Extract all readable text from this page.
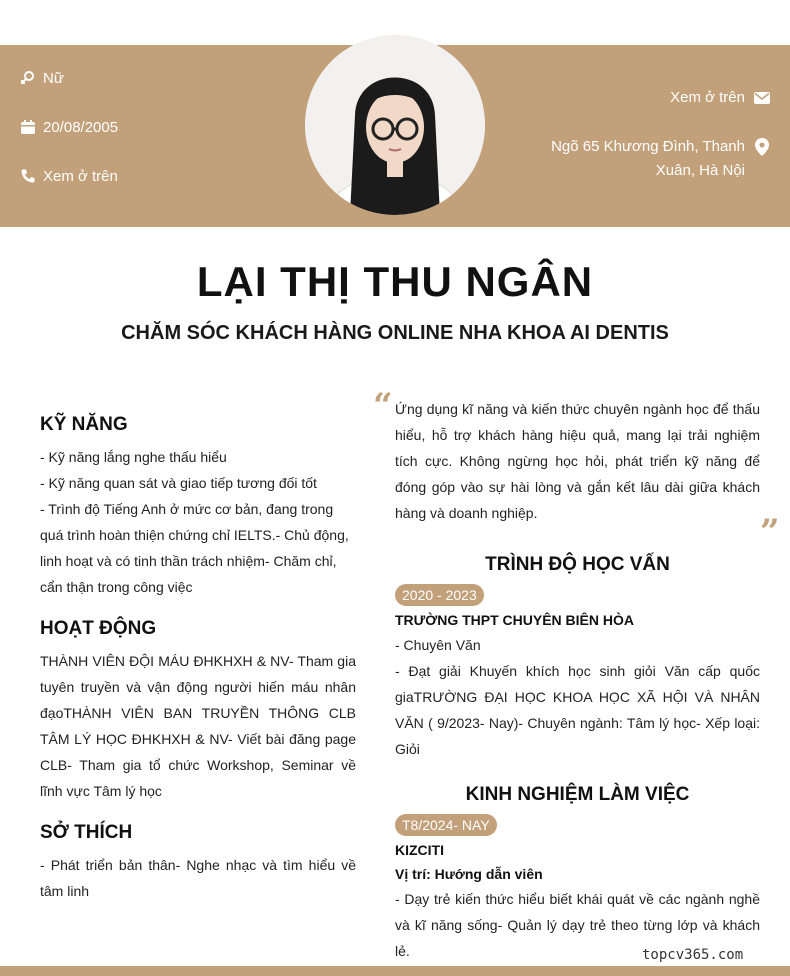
Nữ
20/08/2005
Xem ở trên
Xem ở trên
Ngõ 65 Khương Đình, Thanh
Xuân, Hà Nội
LẠI THỊ THU NGÂN
CHĂM SÓC KHÁCH HÀNG ONLINE NHA KHOA AI DENTIS
KỸ NĂNG
- Kỹ năng lắng nghe thấu hiểu
- Kỹ năng quan sát và giao tiếp tương đối tốt
- Trình độ Tiếng Anh ở mức cơ bản, đang trong quá trình hoàn thiện chứng chỉ IELTS.- Chủ động, linh hoạt và có tinh thần trách nhiệm- Chăm chỉ, cẩn thận trong công việc
HOẠT ĐỘNG
THÀNH VIÊN ĐỘI MÁU ĐHKHXH & NV- Tham gia tuyên truyền và vận động người hiến máu nhân đạoTHÀNH VIÊN BAN TRUYỀN THÔNG CLB TÂM LÝ HỌC ĐHKHXH & NV- Viết bài đăng page CLB- Tham gia tổ chức Workshop, Seminar về lĩnh vực Tâm lý học
SỞ THÍCH
- Phát triển bản thân- Nghe nhạc và tìm hiểu về tâm linh
“
”
Ứng dụng kĩ năng và kiến thức chuyên ngành học để thấu hiểu, hỗ trợ khách hàng hiệu quả, mang lại trải nghiệm tích cực. Không ngừng học hỏi, phát triển kỹ năng để đóng góp vào sự hài lòng và gắn kết lâu dài giữa khách hàng và doanh nghiệp.
TRÌNH ĐỘ HỌC VẤN
2020 - 2023
TRƯỜNG THPT CHUYÊN BIÊN HÒA
- Chuyên Văn
- Đạt giải Khuyến khích học sinh giỏi Văn cấp quốc giaTRƯỜNG ĐẠI HỌC KHOA HỌC XÃ HỘI VÀ NHÂN VĂN ( 9/2023- Nay)- Chuyên ngành: Tâm lý học- Xếp loại: Giỏi
KINH NGHIỆM LÀM VIỆC
T8/2024- NAY
KIZCITI
Vị trí: Hướng dẫn viên
- Dạy trẻ kiến thức hiểu biết khái quát về các ngành nghề và kĩ năng sống- Quản lý dạy trẻ theo từng lớp và khách lẻ.	topcv365.com
